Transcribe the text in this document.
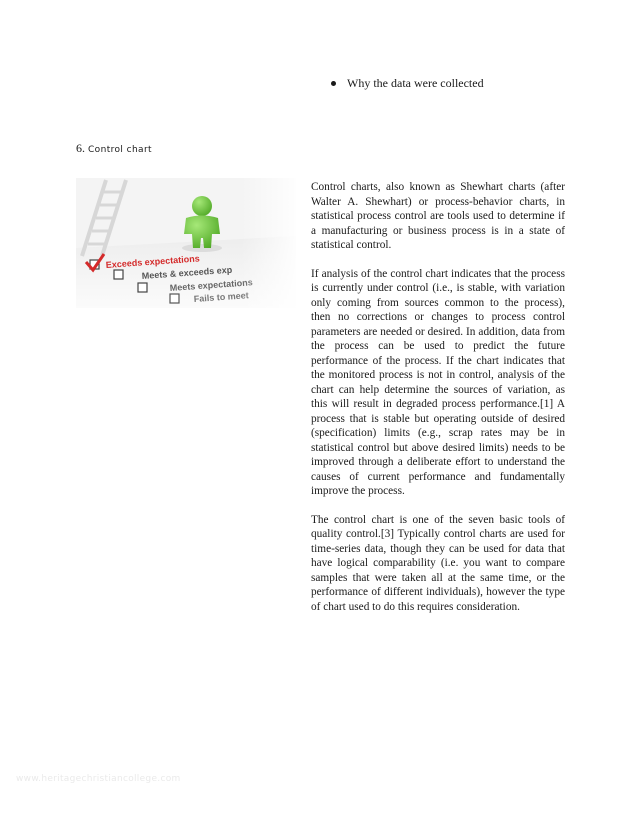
Why the data were collected
6. Control chart

Control charts, also known as Shewhart charts (after Walter A. Shewhart) or process-behavior charts, in statistical process control are tools used to determine if a manufacturing or business process is in a state of statistical control.

If analysis of the control chart indicates that the process is currently under control (i.e., is stable, with variation only coming from sources common to the process), then no corrections or changes to process control parameters are needed or desired. In addition, data from the process can be used to predict the future performance of the process. If the chart indicates that the monitored process is not in control, analysis of the chart can help determine the sources of variation, as this will result in degraded process performance.[1] A process that is stable but operating outside of desired (specification) limits (e.g., scrap rates may be in statistical control but above desired limits) needs to be improved through a deliberate effort to understand the causes of current performance and fundamentally improve the process.

The control chart is one of the seven basic tools of quality control.[3] Typically control charts are used for time-series data, though they can be used for data that have logical comparability (i.e. you want to compare samples that were taken all at the same time, or the performance of different individuals), however the type of chart used to do this requires consideration.

www.heritagechristiancollege.com
